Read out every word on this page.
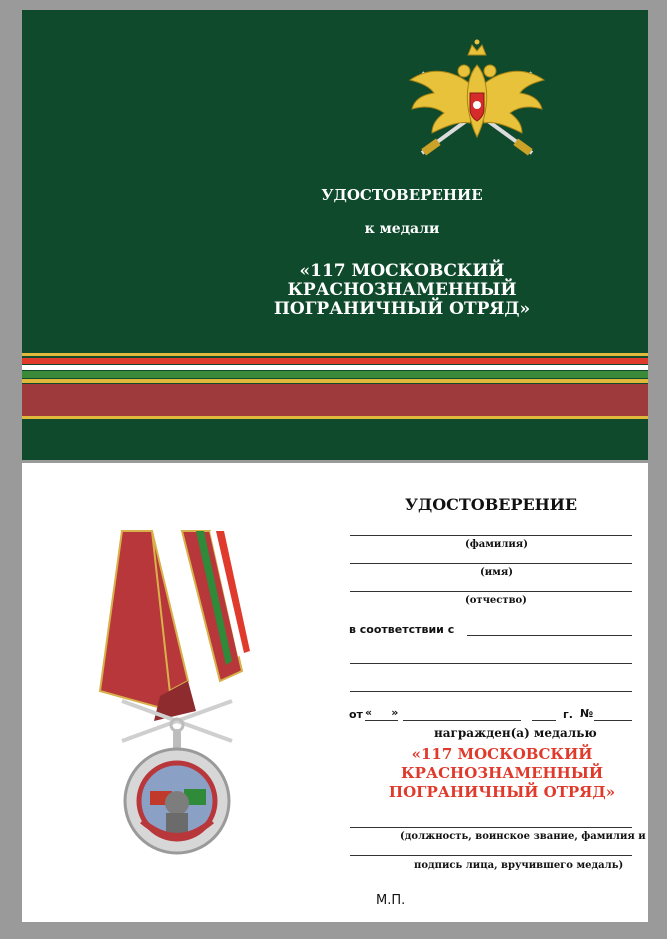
УДОСТОВЕРЕНИЕ
к медали
«117 МОСКОВСКИЙ
КРАСНОЗНАМЕННЫЙ
ПОГРАНИЧНЫЙ ОТРЯД»
УДОСТОВЕРЕНИЕ
(фамилия)
(имя)
(отчество)
в соответствии с
от «     »	г. №
награжден(а) медалью
«117 МОСКОВСКИЙ
КРАСНОЗНАМЕННЫЙ
ПОГРАНИЧНЫЙ ОТРЯД»
(должность, воинское звание, фамилия и
подпись лица, вручившего медаль)
М.П.
